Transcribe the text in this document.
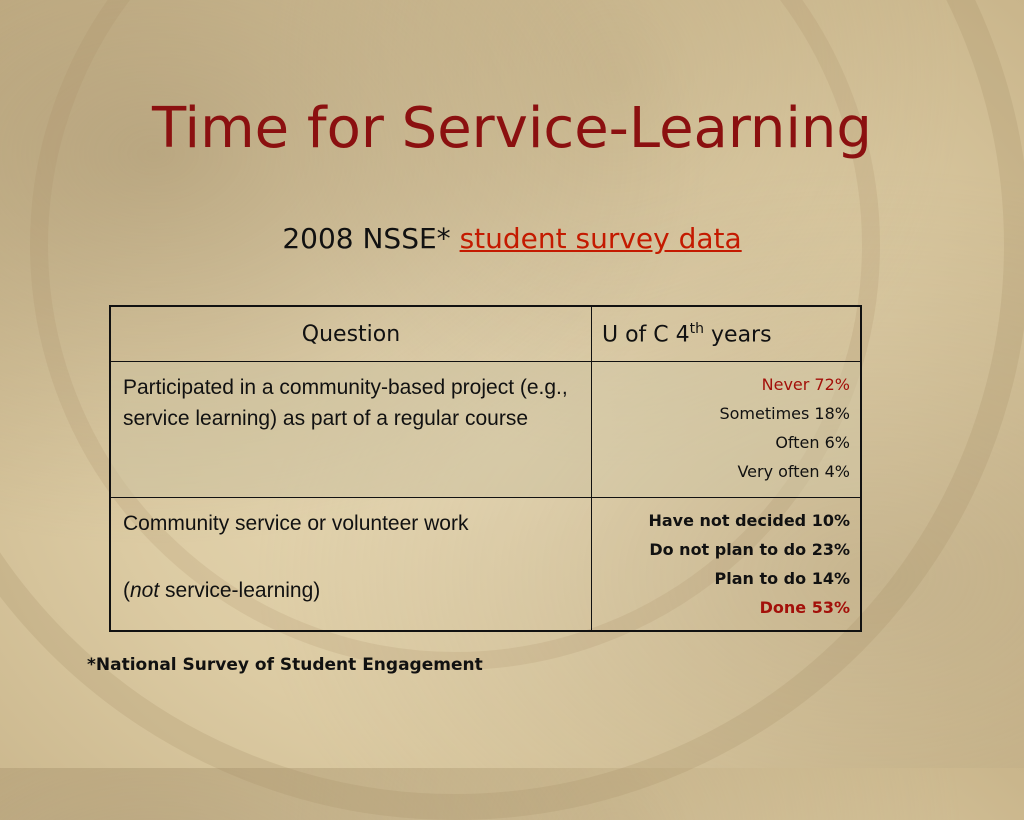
Time for Service-Learning
2008 NSSE* student survey data
Question	U of C 4th years
Participated in a community-based project (e.g., service learning) as part of a regular course	Never 72%
Sometimes 18%
Often 6%
Very often 4%

Community service or volunteer work
(not service-learning)	Have not decided 10%
Do not plan to do 23%
Plan to do 14%
Done 53%
*National Survey of Student Engagement
